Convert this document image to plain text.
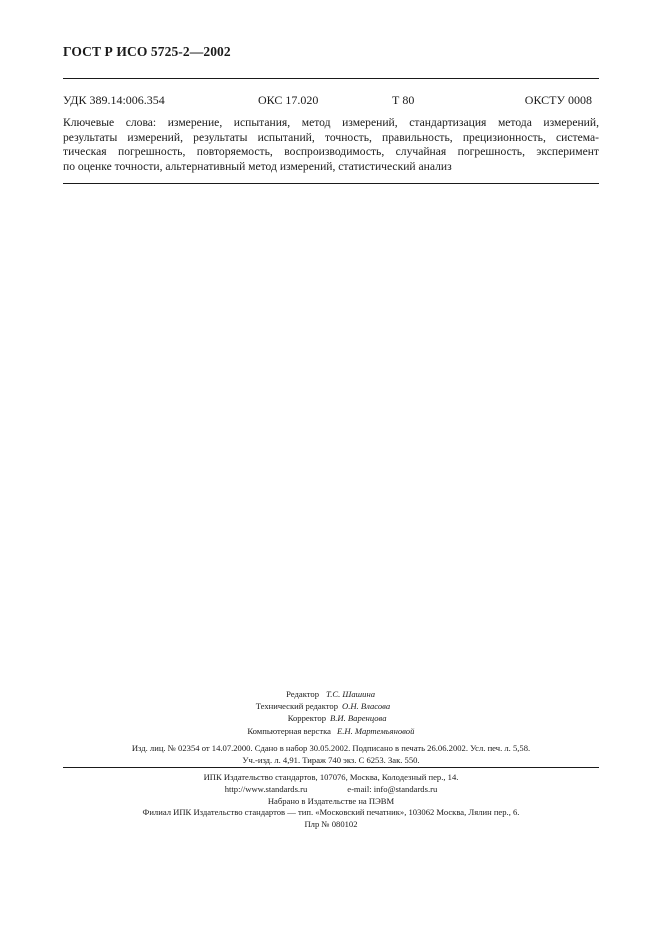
ГОСТ Р ИСО 5725-2—2002
УДК 389.14:006.354	ОКС 17.020	Т 80	ОКСТУ 0008
Ключевые слова: измерение, испытания, метод измерений, стандартизация метода измерений,
результаты измерений, результаты испытаний, точность, правильность, прецизионность, система-
тическая погрешность, повторяемость, воспроизводимость, случайная погрешность, эксперимент
по оценке точности, альтернативный метод измерений, статистический анализ
Редактор Т.С. Шашина
Технический редактор О.Н. Власова
Корректор В.И. Варенцова
Компьютерная верстка Е.Н. Мартемьяновой
Изд. лиц. № 02354 от 14.07.2000. Сдано в набор 30.05.2002. Подписано в печать 26.06.2002. Усл. печ. л. 5,58.
Уч.-изд. л. 4,91. Тираж 740 экз. С 6253. Зак. 550.
ИПК Издательство стандартов, 107076, Москва, Колодезный пер., 14.
http://www.standards.ru	e-mail: info@standards.ru
Набрано в Издательстве на ПЭВМ
Филиал ИПК Издательство стандартов — тип. «Московский печатник», 103062 Москва, Лялин пер., 6.
Плр № 080102
